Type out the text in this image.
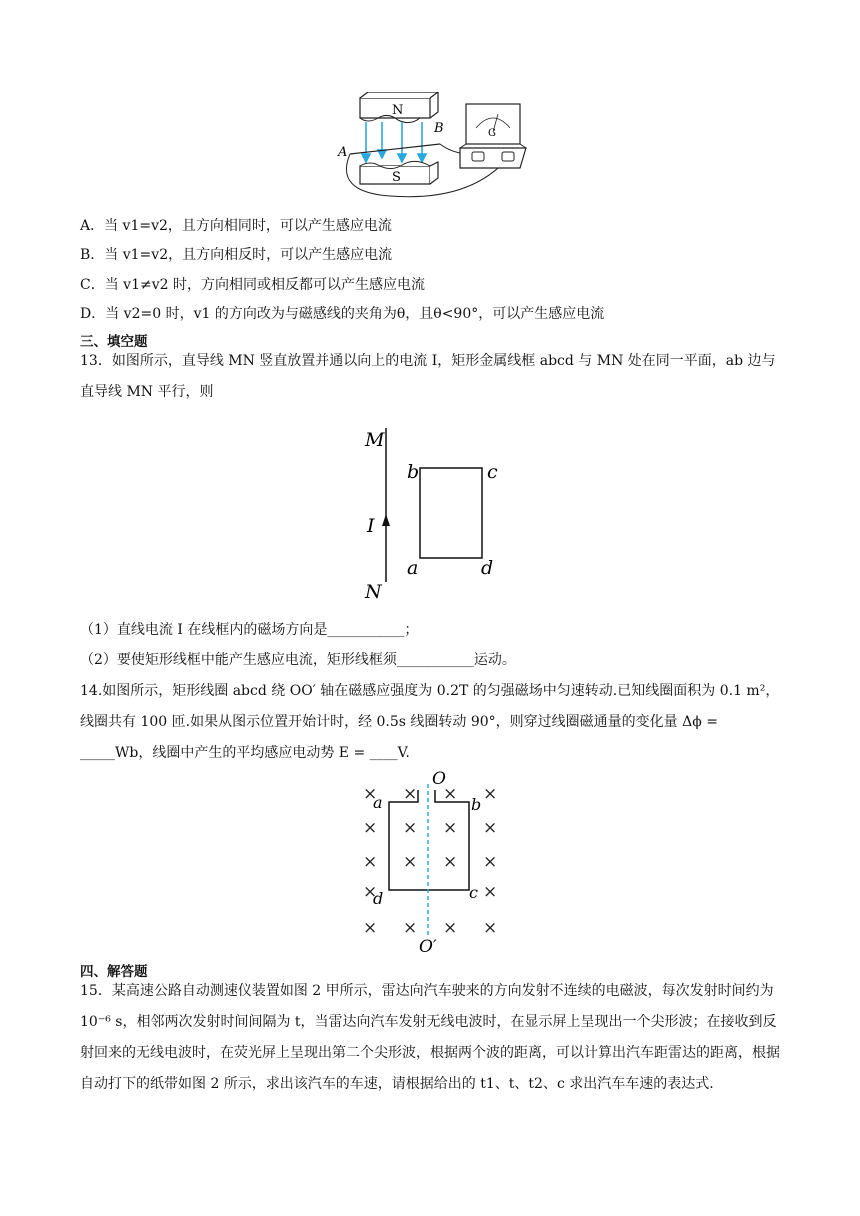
N
A
B
S
G
A．当 v1=v2，且方向相同时，可以产生感应电流
B．当 v1=v2，且方向相反时，可以产生感应电流
C．当 v1≠v2 时，方向相同或相反都可以产生感应电流
D．当 v2=0 时，v1 的方向改为与磁感线的夹角为θ，且θ<90°，可以产生感应电流
三、填空题
13．如图所示，直导线 MN 竖直放置并通以向上的电流 I，矩形金属线框 abcd 与 MN 处在同一平面，ab 边与直导线 MN 平行，则
M
N
I
b	c
a	d
（1）直线电流 I 在线框内的磁场方向是___________；
（2）要使矩形线框中能产生感应电流，矩形线框须___________运动。
14.如图所示，矩形线圈 abcd 绕 OO′ 轴在磁感应强度为 0.2T 的匀强磁场中匀速转动.已知线圈面积为 0.1 m²，线圈共有 100 匝.如果从图示位置开始计时，经 0.5s 线圈转动 90°，则穿过线圈磁通量的变化量 Δϕ = _____Wb，线圈中产生的平均感应电动势 E = ____V.
× × × ×
× × × ×
× × × ×
×	×
× × × ×
O
O′
a	b
c
d
四、解答题
15．某高速公路自动测速仪装置如图 2 甲所示，雷达向汽车驶来的方向发射不连续的电磁波，每次发射时间约为 10⁻⁶ s，相邻两次发射时间间隔为 t，当雷达向汽车发射无线电波时，在显示屏上呈现出一个尖形波；在接收到反射回来的无线电波时，在荧光屏上呈现出第二个尖形波，根据两个波的距离，可以计算出汽车距雷达的距离，根据自动打下的纸带如图 2 所示，求出该汽车的车速，请根据给出的 t1、t、t2、c 求出汽车车速的表达式.
